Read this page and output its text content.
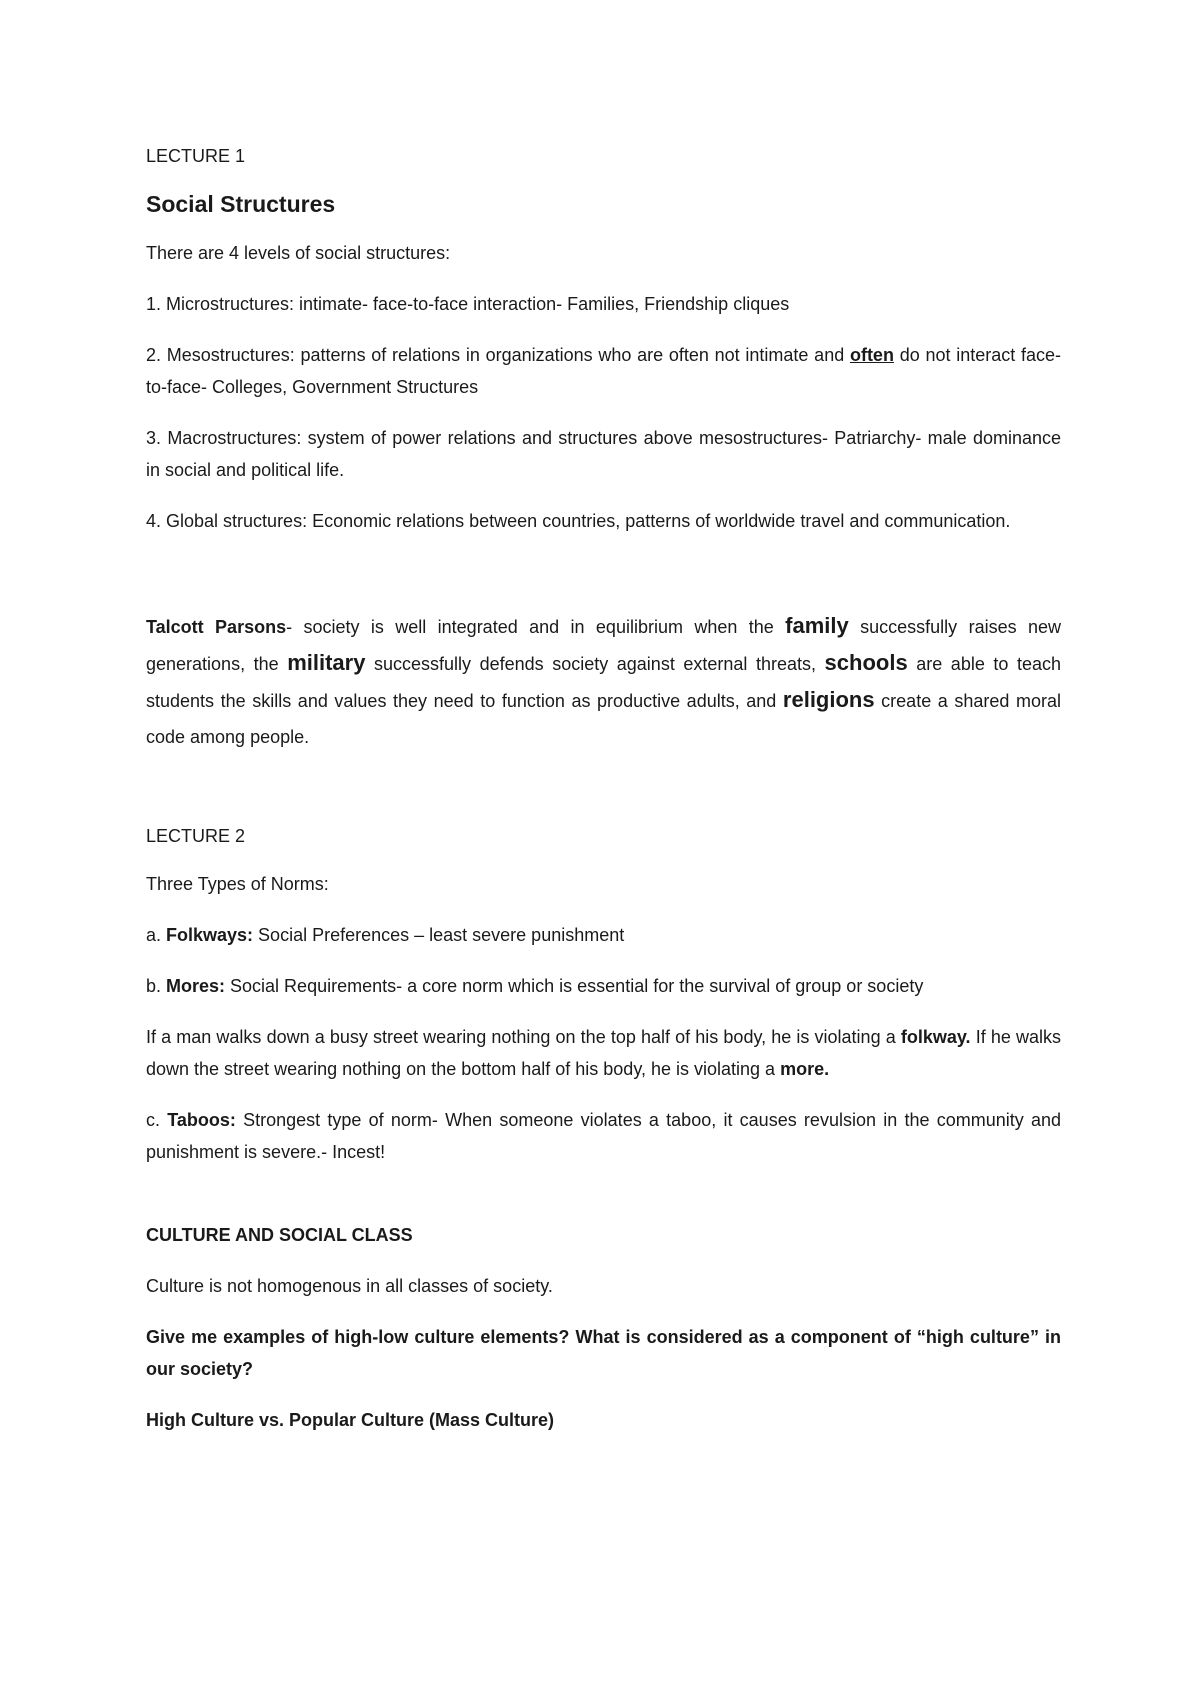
LECTURE 1

Social Structures

There are 4 levels of social structures:

1. Microstructures: intimate- face-to-face interaction- Families, Friendship cliques

2. Mesostructures: patterns of relations in organizations who are often not intimate and often do not interact face-to-face- Colleges, Government Structures

3. Macrostructures: system of power relations and structures above mesostructures- Patriarchy- male dominance in social and political life.

4. Global structures: Economic relations between countries, patterns of worldwide travel and communication.

Talcott Parsons- society is well integrated and in equilibrium when the family successfully raises new generations, the military successfully defends society against external threats, schools are able to teach students the skills and values they need to function as productive adults, and religions create a shared moral code among people.

LECTURE 2

Three Types of Norms:

a. Folkways: Social Preferences – least severe punishment

b. Mores: Social Requirements- a core norm which is essential for the survival of group or society

If a man walks down a busy street wearing nothing on the top half of his body, he is violating a folkway. If he walks down the street wearing nothing on the bottom half of his body, he is violating a more.

c. Taboos: Strongest type of norm- When someone violates a taboo, it causes revulsion in the community and punishment is severe.- Incest!

CULTURE AND SOCIAL CLASS

Culture is not homogenous in all classes of society.

Give me examples of high-low culture elements? What is considered as a component of “high culture” in our society?

High Culture vs. Popular Culture (Mass Culture)
